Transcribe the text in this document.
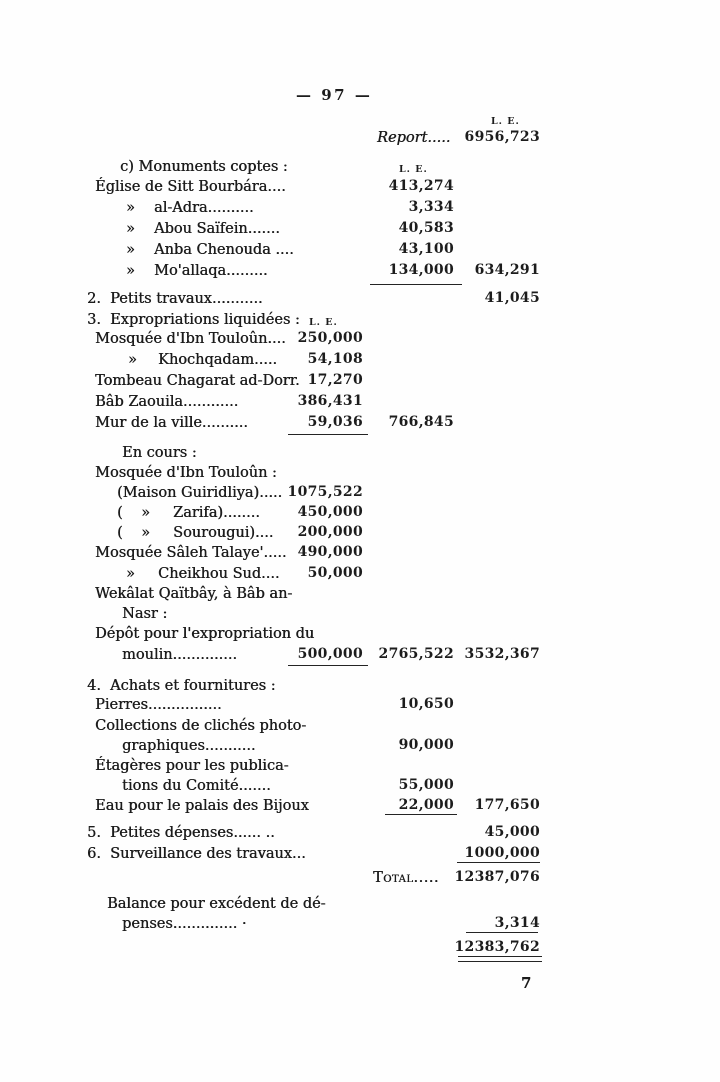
— 97 —
L. E.
Report..... 6956,723
c) Monuments coptes :	L. E.
Église de Sitt Bourbára....	413,274
» al-Adra..........	3,334
» Abou Saïfein.......	40,583
» Anba Chenouda ....	43,100
» Mo'allaqa.........	134,000 634,291
2.  Petits travaux...........	41,045
3.  Expropriations liquidées : L. E.
Mosquée d'Ibn Touloûn.... 250,000
» Khochqadam..... 54,108
Tombeau Chagarat ad-Dorr. 17,270
Bâb Zaouila............	386,431
Mur de la ville..........	59,036 766,845
En cours :
Mosquée d'Ibn Touloûn :
(Maison Guiridliya)..... 1075,522
(    »     Zarifa)........	450,000
(    »     Sourougui).... 200,000
Mosquée Sâleh Talaye'..... 490,000
» Cheikhou Sud.... 50,000
Wekâlat Qaïtbây, à Bâb an-
Nasr :
Dépôt pour l'expropriation du
moulin..............	500,000 2765,522 3532,367
4.  Achats et fournitures :
Pierres................	10,650
Collections de clichés photo-
graphiques...........	90,000
Étagères pour les publica-
tions du Comité.......	55,000
Eau pour le palais des Bijoux	22,000 177,650
5.  Petites dépenses...... ..	45,000
6.  Surveillance des travaux...	1000,000
Total..... 12387,076
Balance pour excédent de dé-
penses.............. ·	3,314
12383,762
7
